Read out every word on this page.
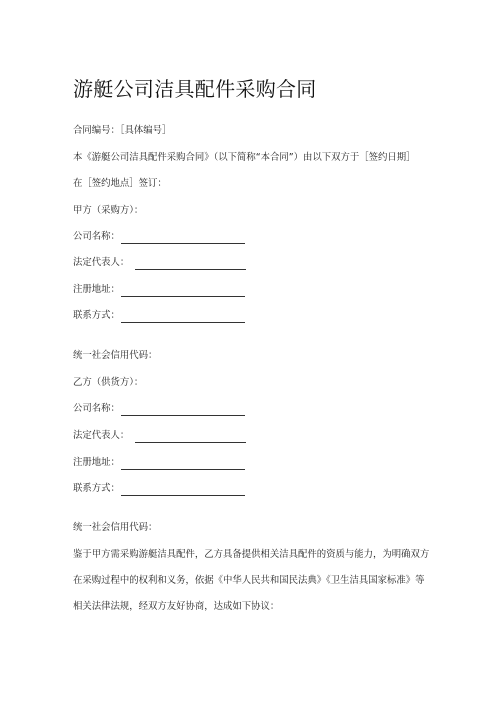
游艇公司洁具配件采购合同
合同编号：［具体编号］
本《游艇公司洁具配件采购合同》（以下简称“本合同”）由以下双方于［签约日期］
在［签约地点］签订：
甲方（采购方）：
公司名称：
法定代表人：
注册地址：
联系方式：
统一社会信用代码：
乙方（供货方）：
公司名称：
法定代表人：
注册地址：
联系方式：
统一社会信用代码：
鉴于甲方需采购游艇洁具配件，乙方具备提供相关洁具配件的资质与能力，为明确双方
在采购过程中的权利和义务，依据《中华人民共和国民法典》《卫生洁具国家标准》等
相关法律法规，经双方友好协商，达成如下协议：
